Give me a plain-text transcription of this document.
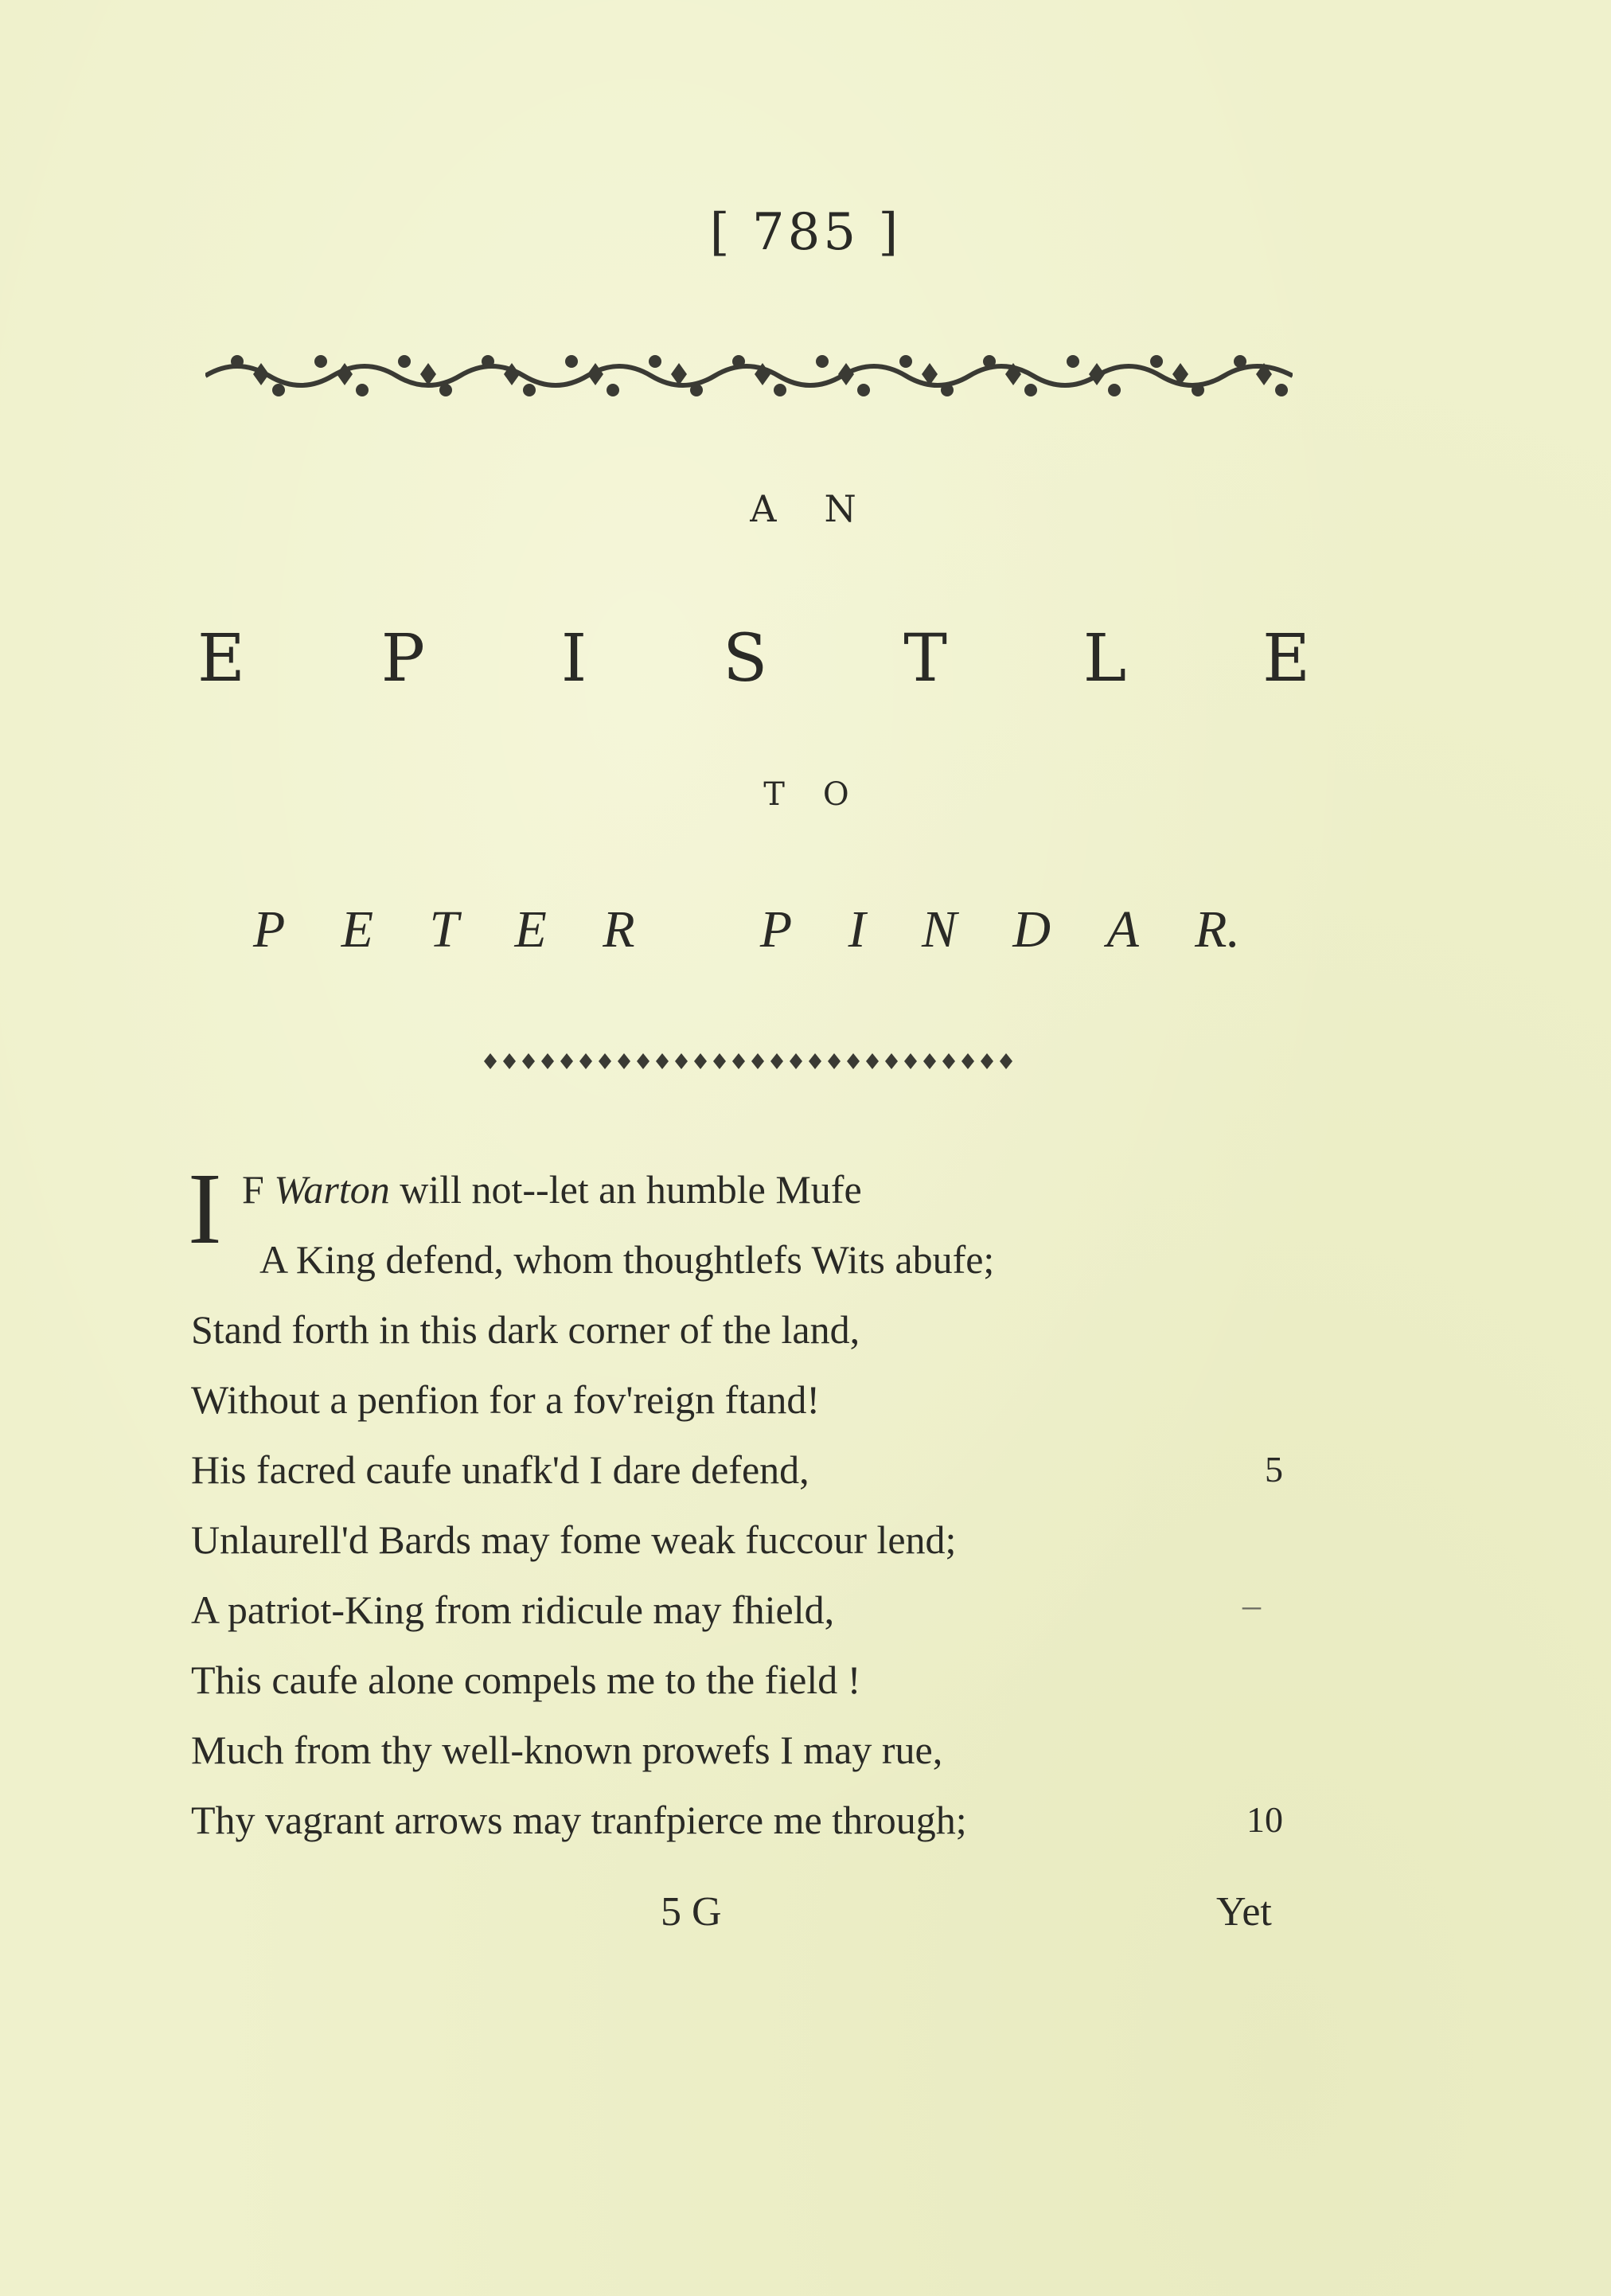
[ 785 ]
AN
E P I S T L E
TO
P E T E R
P I N D A R.
I F Warton will not--let an humble Mufe
A King defend, whom thoughtlefs Wits abufe;
Stand forth in this dark corner of the land,
Without a penfion for a fov'reign ftand!
His facred caufe unafk'd I dare defend,	5
Unlaurell'd Bards may fome weak fuccour lend;
A patriot-King from ridicule may fhield,	–
This caufe alone compels me to the field !
Much from thy well-known prowefs I may rue,
Thy vagrant arrows may tranfpierce me through;	10
5 G	Yet
